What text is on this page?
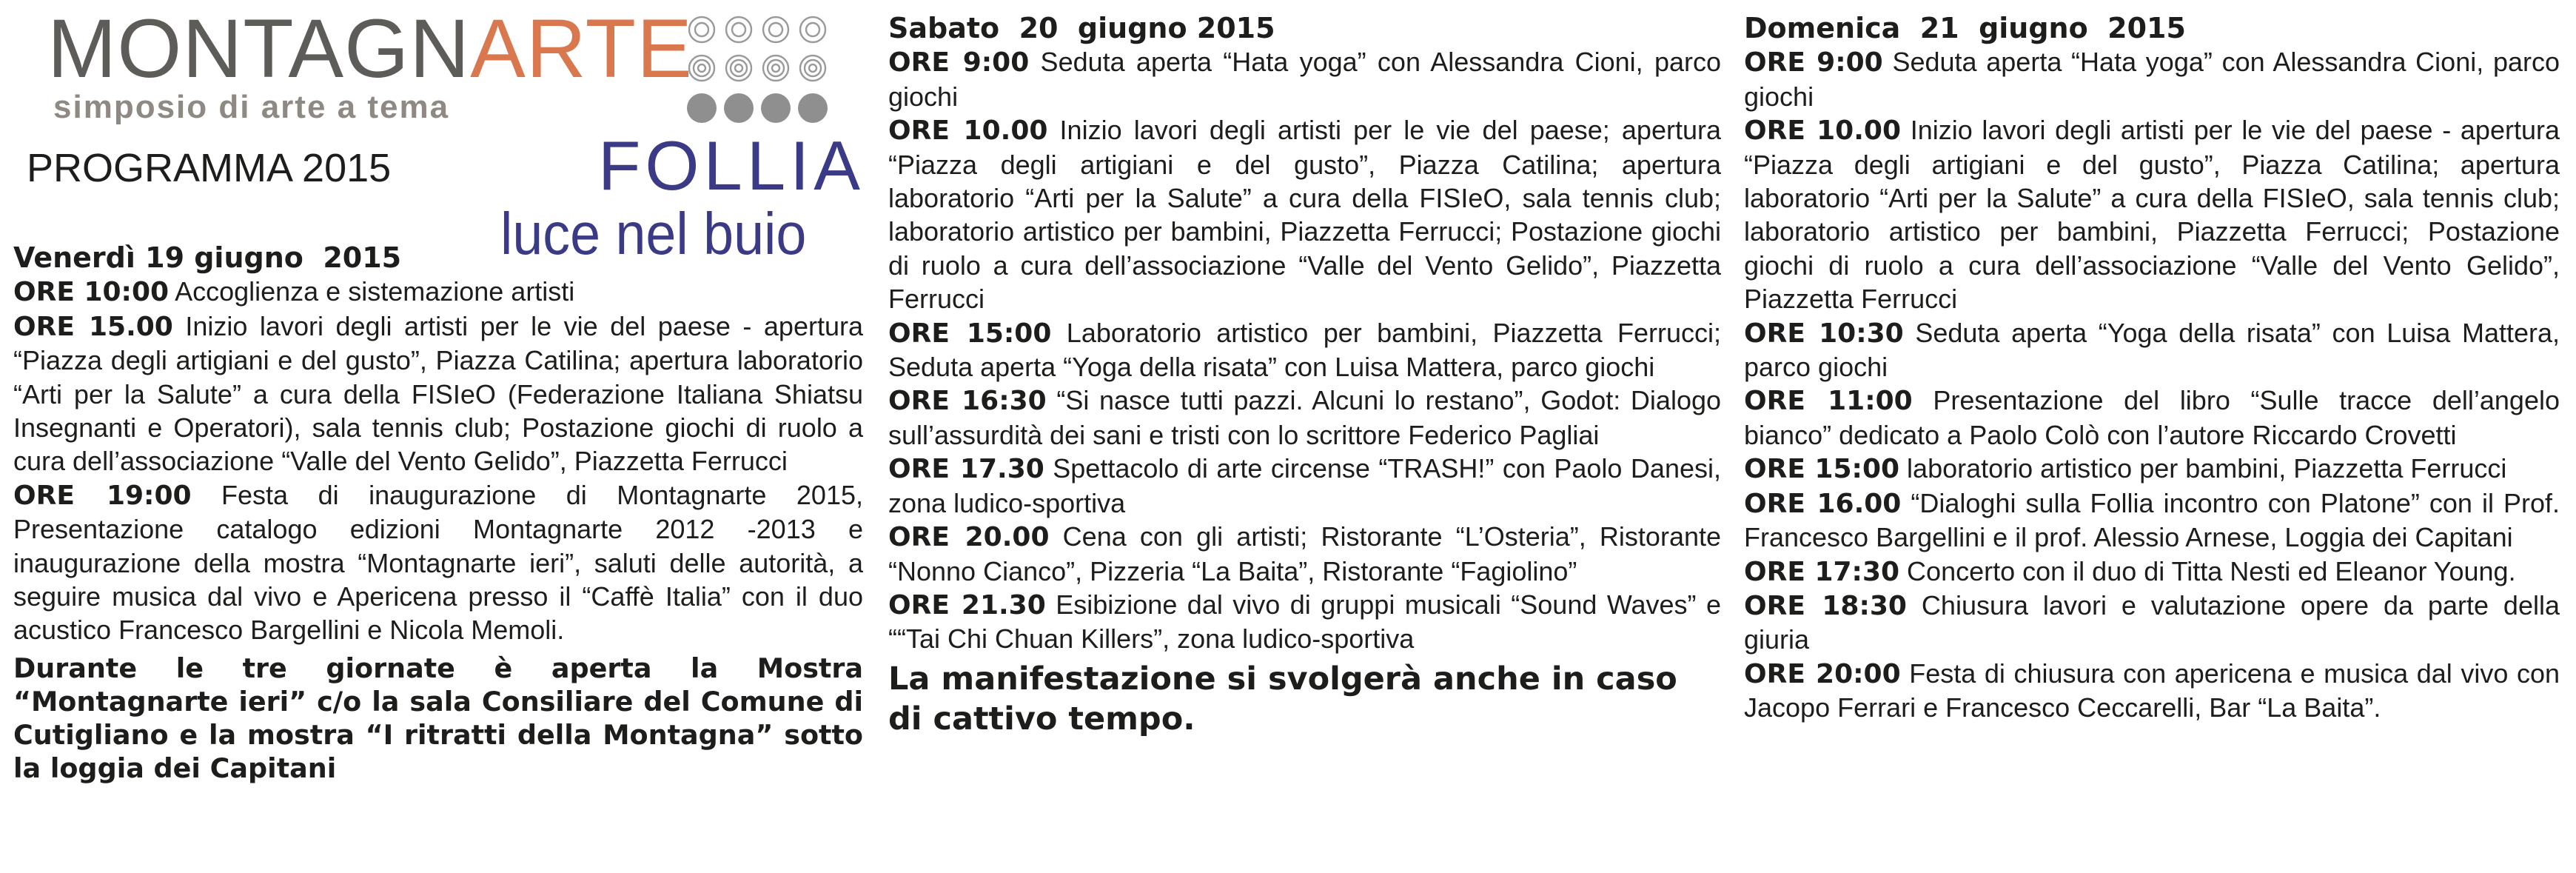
MONTAGNARTE
simposio di arte a tema
PROGRAMMA 2015	FOLLIA
luce nel buio
Venerdì 19 giugno  2015
ORE 10:00 Accoglienza e sistemazione artisti
ORE 15.00 Inizio lavori degli artisti per le vie del paese - apertura “Piazza degli artigiani e del gusto”, Piazza Catilina; apertura laboratorio “Arti per la Salute” a cura della FISIeO (Federazione Italiana Shiatsu Insegnanti e Operatori), sala tennis club; Postazione giochi di ruolo a cura dell’associazione “Valle del Vento Gelido”, Piazzetta Ferrucci
ORE 19:00 Festa di inaugurazione di Montagnarte 2015, Presentazione catalogo edizioni Montagnarte 2012 -2013 e inaugurazione della mostra “Montagnarte ieri”, saluti delle autorità, a seguire musica dal vivo e Apericena presso il “Caffè Italia” con il duo acustico Francesco Bargellini e Nicola Memoli.
Durante le tre giornate è aperta la Mostra “Montagnarte ieri” c/o la sala Consiliare del Comune di Cutigliano e la mostra “I ritratti della Montagna” sotto la loggia dei Capitani
Sabato  20  giugno 2015
ORE 9:00 Seduta aperta “Hata yoga” con Alessandra Cioni, parco giochi
ORE 10.00 Inizio lavori degli artisti per le vie del paese; apertura “Piazza degli artigiani e del gusto”, Piazza Catilina; apertura laboratorio “Arti per la Salute” a cura della FISIeO, sala tennis club; laboratorio artistico per bambini, Piazzetta Ferrucci; Postazione giochi di ruolo a cura dell’associazione “Valle del Vento Gelido”, Piazzetta Ferrucci
ORE 15:00 Laboratorio artistico per bambini, Piazzetta Ferrucci; Seduta aperta “Yoga della risata” con Luisa Mattera, parco giochi
ORE 16:30 “Si nasce tutti pazzi. Alcuni lo restano”, Godot: Dialogo sull’assurdità dei sani e tristi con lo scrittore Federico Pagliai
ORE 17.30 Spettacolo di arte circense “TRASH!” con Paolo Danesi, zona ludico-sportiva
ORE 20.00 Cena con gli artisti; Ristorante “L’Osteria”, Ristorante “Nonno Cianco”, Pizzeria “La Baita”, Ristorante “Fagiolino”
ORE 21.30 Esibizione dal vivo di gruppi musicali “Sound Waves” e ““Tai Chi Chuan Killers”, zona ludico-sportiva
La manifestazione si svolgerà anche in caso di cattivo tempo.
Domenica  21  giugno  2015
ORE 9:00 Seduta aperta “Hata yoga” con Alessandra Cioni, parco giochi
ORE 10.00 Inizio lavori degli artisti per le vie del paese - apertura “Piazza degli artigiani e del gusto”, Piazza Catilina; apertura laboratorio “Arti per la Salute” a cura della FISIeO, sala tennis club; laboratorio artistico per bambini, Piazzetta Ferrucci; Postazione giochi di ruolo a cura dell’associazione “Valle del Vento Gelido”, Piazzetta Ferrucci
ORE 10:30 Seduta aperta “Yoga della risata” con Luisa Mattera, parco giochi
ORE 11:00 Presentazione del libro “Sulle tracce dell’angelo bianco” dedicato a Paolo Colò con l’autore Riccardo Crovetti
ORE 15:00 laboratorio artistico per bambini, Piazzetta Ferrucci
ORE 16.00 “Dialoghi sulla Follia incontro con Platone” con il Prof. Francesco Bargellini e il prof. Alessio Arnese, Loggia dei Capitani
ORE 17:30 Concerto con il duo di Titta Nesti ed Eleanor Young.
ORE 18:30 Chiusura lavori e valutazione opere da parte della giuria
ORE 20:00 Festa di chiusura con apericena e musica dal vivo con Jacopo Ferrari e Francesco Ceccarelli, Bar “La Baita”.
